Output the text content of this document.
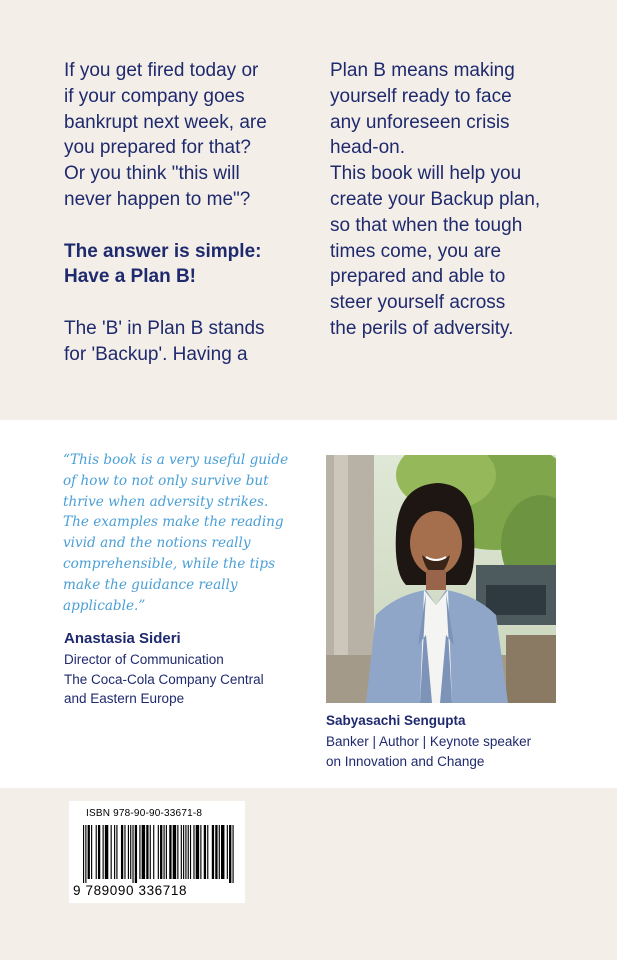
If you get fired today or

if your company goes

bankrupt next week, are

you prepared for that?

Or you think "this will

never happen to me"?

The answer is simple:

Have a Plan B!

The 'B' in Plan B stands

for 'Backup'. Having a

Plan B means making

yourself ready to face

any unforeseen crisis

head-on.

This book will help you

create your Backup plan,

so that when the tough

times come, you are

prepared and able to

steer yourself across

the perils of adversity.

“This book is a very useful guide
of how to not only survive but
thrive when adversity strikes.
The examples make the reading
vivid and the notions really
comprehensible, while the tips
make the guidance really
applicable.”
Anastasia Sideri
Director of Communication
The Coca-Cola Company Central
and Eastern Europe
Sabyasachi Sengupta
Banker | Author | Keynote speaker
on Innovation and Change
ISBN 978-90-90-33671-8
9 789090 336718
